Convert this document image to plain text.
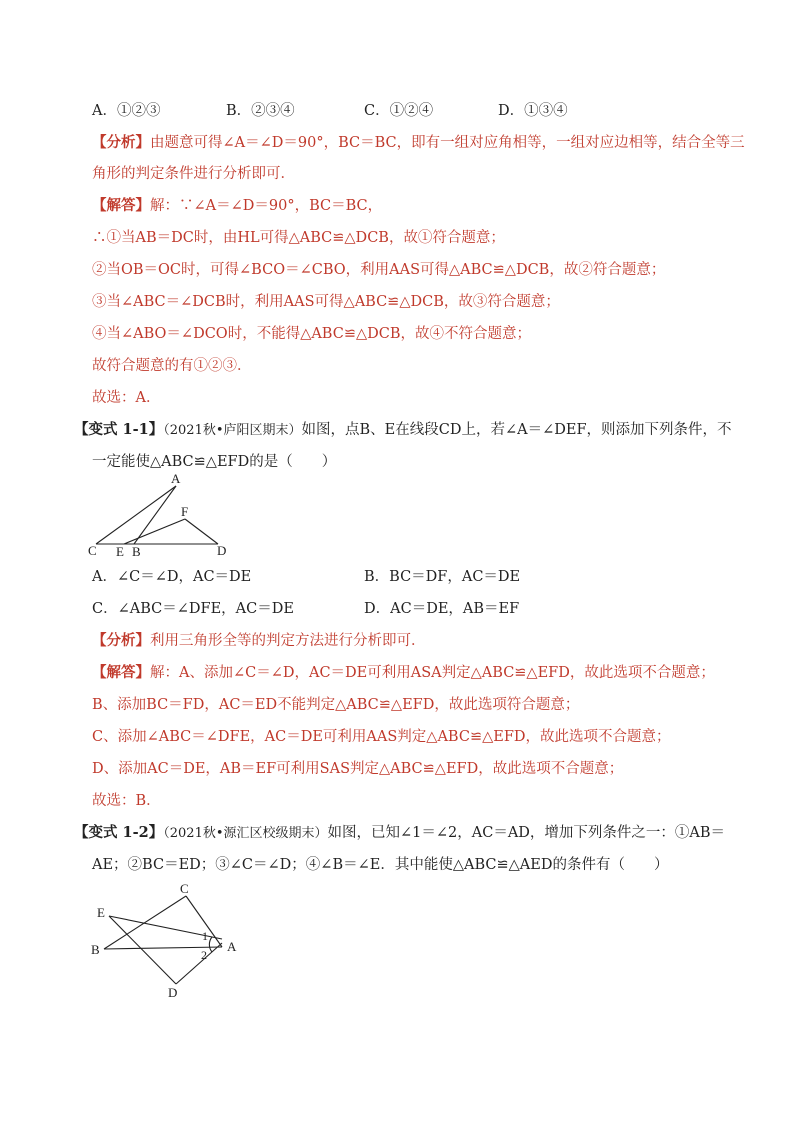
A．①②③	B．②③④	C．①②④	D．①③④
【分析】由题意可得∠A＝∠D＝90°，BC＝BC，即有一组对应角相等，一组对应边相等，结合全等三
角形的判定条件进行分析即可．
【解答】解：∵∠A＝∠D＝90°，BC＝BC，
∴①当AB＝DC时，由HL可得△ABC≌△DCB，故①符合题意；
②当OB＝OC时，可得∠BCO＝∠CBO，利用AAS可得△ABC≌△DCB，故②符合题意；
③当∠ABC＝∠DCB时，利用AAS可得△ABC≌△DCB，故③符合题意；
④当∠ABO＝∠DCO时，不能得△ABC≌△DCB，故④不符合题意；
故符合题意的有①②③．
故选：A．
【变式 1-1】（2021秋•庐阳区期末）如图，点B、E在线段CD上，若∠A＝∠DEF，则添加下列条件，不
一定能使△ABC≌△EFD的是（　　）
A
F
C E B	D
A．∠C＝∠D，AC＝DE	B．BC＝DF，AC＝DE
C．∠ABC＝∠DFE，AC＝DE	D．AC＝DE，AB＝EF
【分析】利用三角形全等的判定方法进行分析即可．
【解答】解：A、添加∠C＝∠D，AC＝DE可利用ASA判定△ABC≌△EFD，故此选项不合题意；
B、添加BC＝FD，AC＝ED不能判定△ABC≌△EFD，故此选项符合题意；
C、添加∠ABC＝∠DFE，AC＝DE可利用AAS判定△ABC≌△EFD，故此选项不合题意；
D、添加AC＝DE，AB＝EF可利用SAS判定△ABC≌△EFD，故此选项不合题意；
故选：B．
【变式 1-2】（2021秋•源汇区校级期末）如图，已知∠1＝∠2，AC＝AD，增加下列条件之一：①AB＝
AE；②BC＝ED；③∠C＝∠D；④∠B＝∠E．其中能使△ABC≌△AED的条件有（　　）
C
E
B	A
D
1
2
